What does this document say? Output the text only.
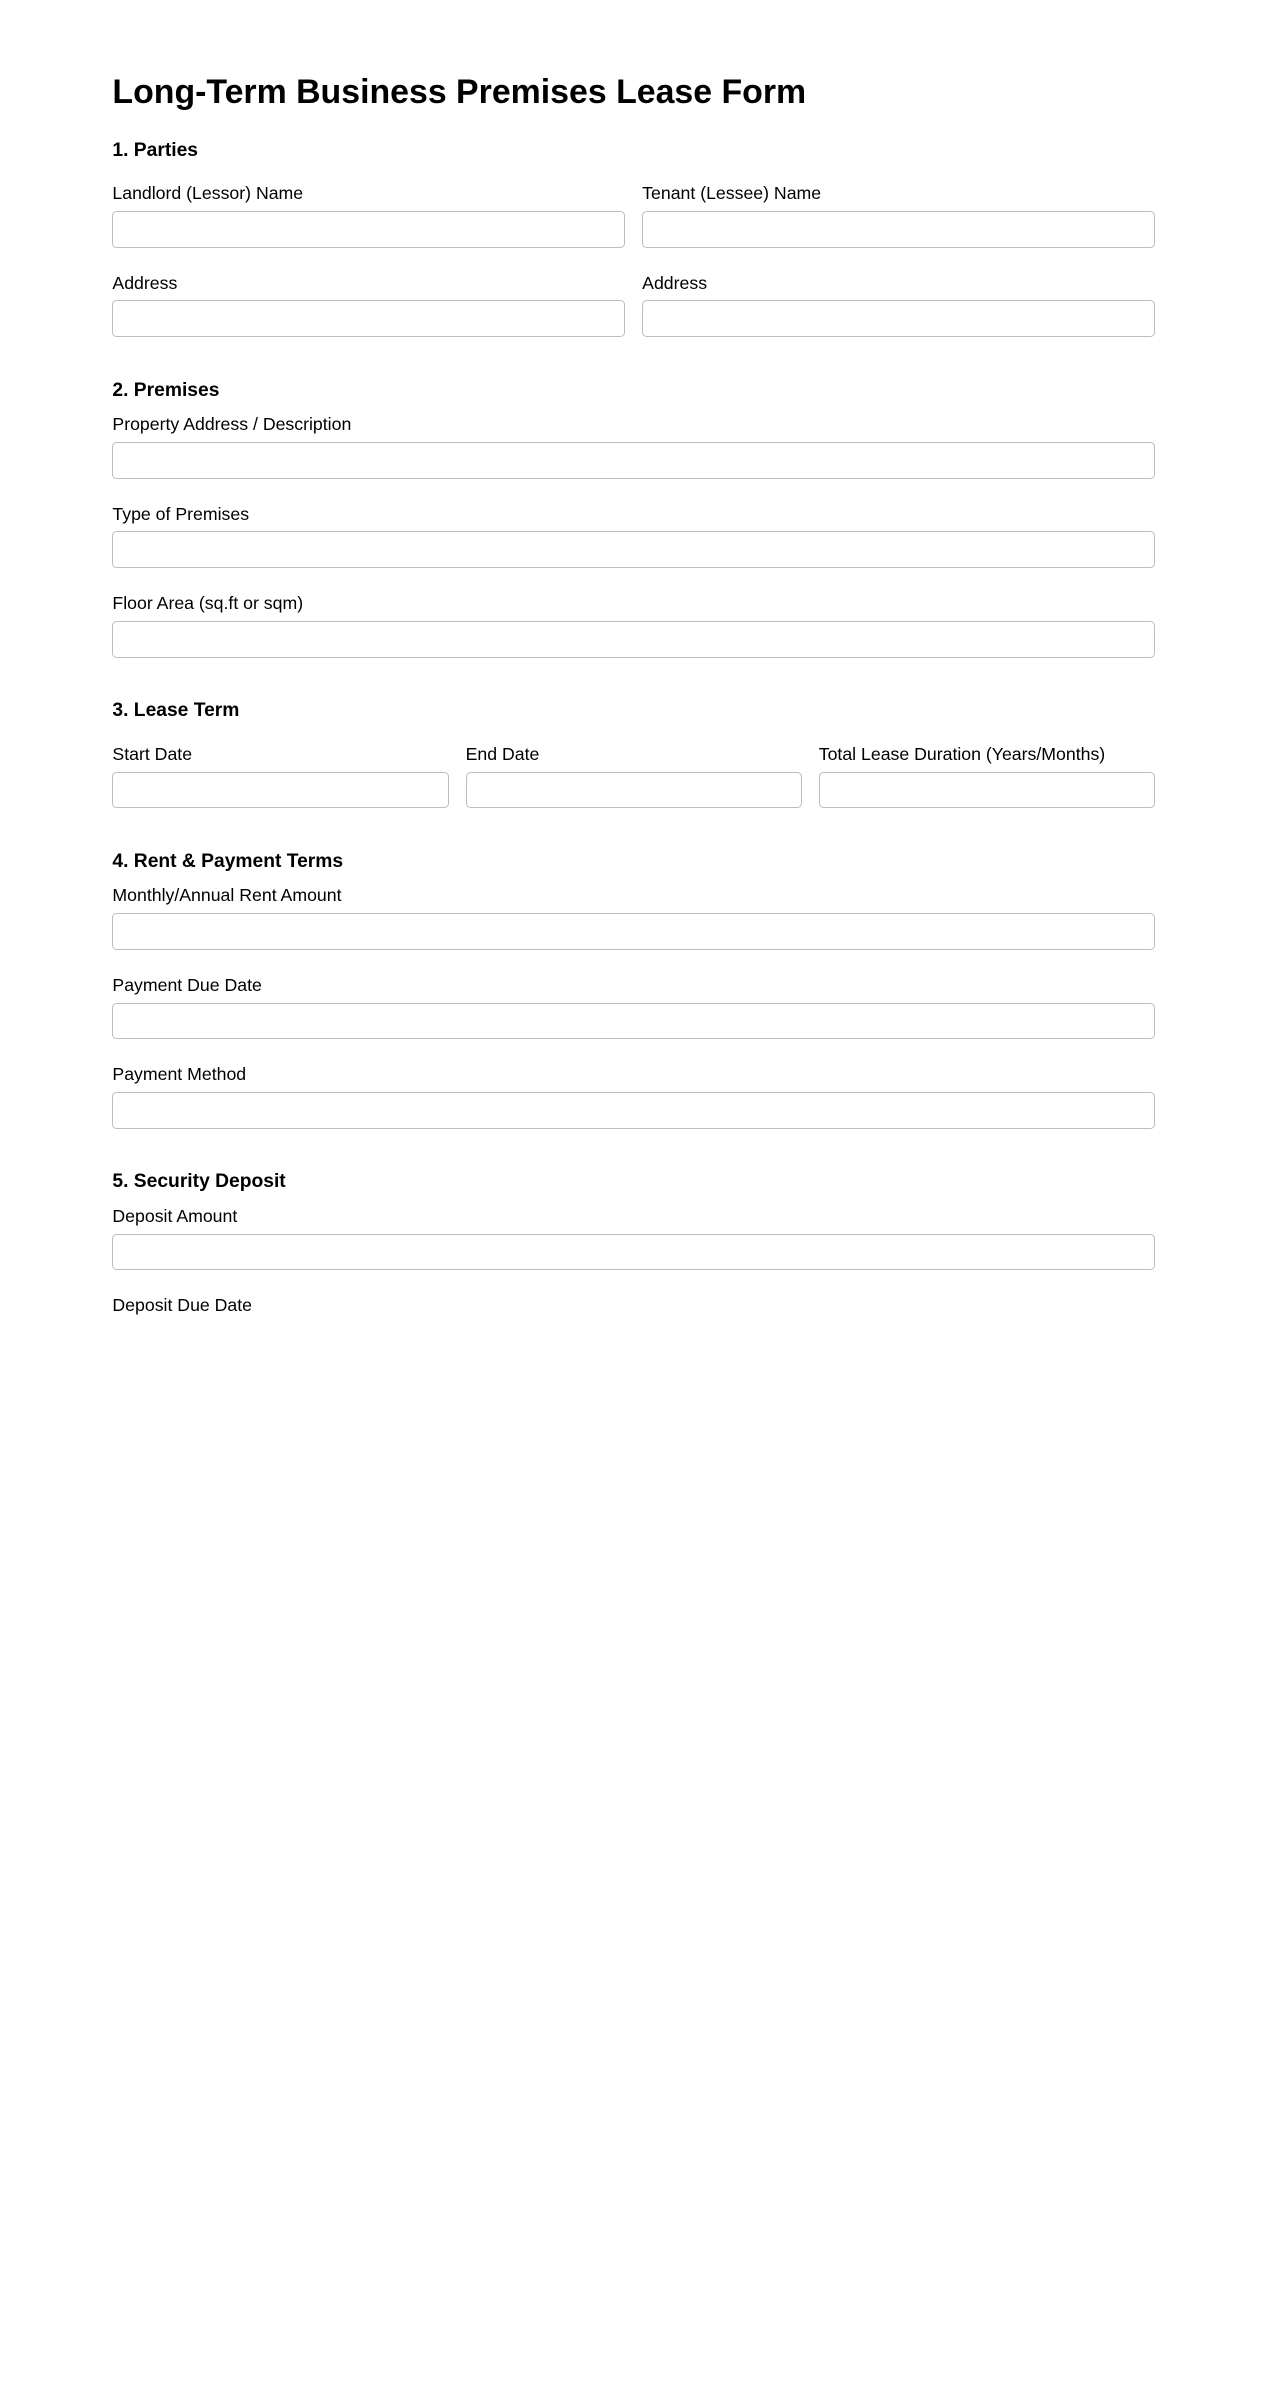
Long-Term Business Premises Lease Form
1. Parties
Landlord (Lessor) Name	Tenant (Lessee) Name
Address	Address
2. Premises
Property Address / Description
Type of Premises
Floor Area (sq.ft or sqm)
3. Lease Term
Start Date	End Date	Total Lease Duration (Years/Months)
4. Rent & Payment Terms
Monthly/Annual Rent Amount
Payment Due Date
Payment Method
5. Security Deposit
Deposit Amount
Deposit Due Date
